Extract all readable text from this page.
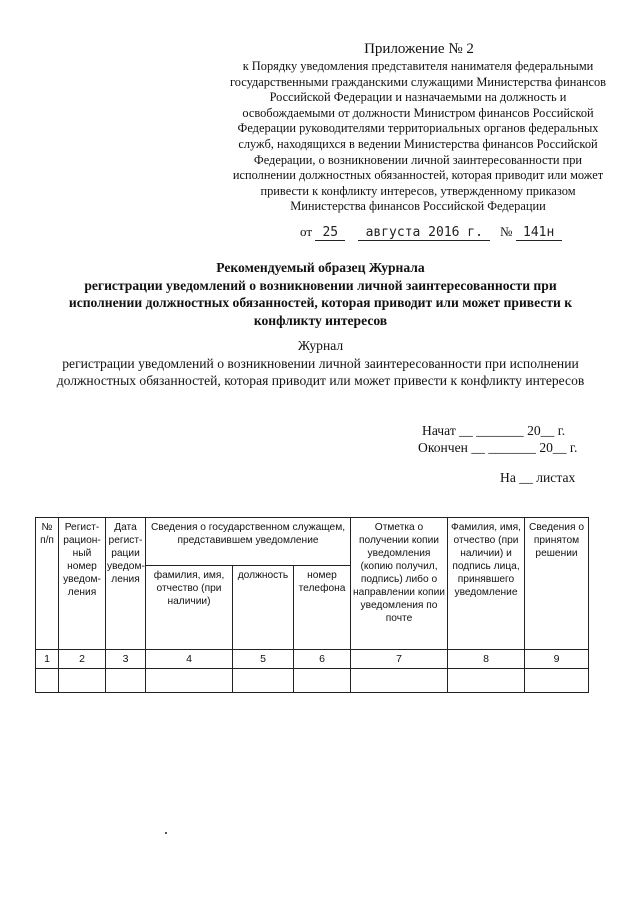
Приложение № 2
к Порядку уведомления представителя нанимателя федеральными государственными гражданскими служащими Министерства финансов Российской Федерации и назначаемыми на должность и освобождаемыми от должности Министром финансов Российской Федерации руководителями территориальных органов федеральных служб, находящихся в ведении Министерства финансов Российской Федерации, о возникновении личной заинтересованности при исполнении должностных обязанностей, которая приводит или может привести к конфликту интересов, утвержденному приказом Министерства финансов Российской Федерации
от 25 августа 2016 г. № 141н
Рекомендуемый образец Журнала
регистрации уведомлений о возникновении личной заинтересованности при исполнении должностных обязанностей, которая приводит или может привести к конфликту интересов
Журнал
регистрации уведомлений о возникновении личной заинтересованности при исполнении должностных обязанностей, которая приводит или может привести к конфликту интересов
Начат __ _______ 20__ г.
Окончен __ _______ 20__ г.
На __ листах
№ п/п	Регист-рацион-ный номер уведом-ления	Дата регист-рации уведом-ления	Сведения о государственном служащем, представившем уведомление			Отметка о получении копии уведомления (копию получил, подпись) либо о направлении копии уведомления по почте	Фамилия, имя, отчество (при наличии) и подпись лица, принявшего уведомление	Сведения о принятом решении
			фамилия, имя, отчество (при наличии)	должность	номер телефона			
1	2	3	4	5	6	7	8	9
